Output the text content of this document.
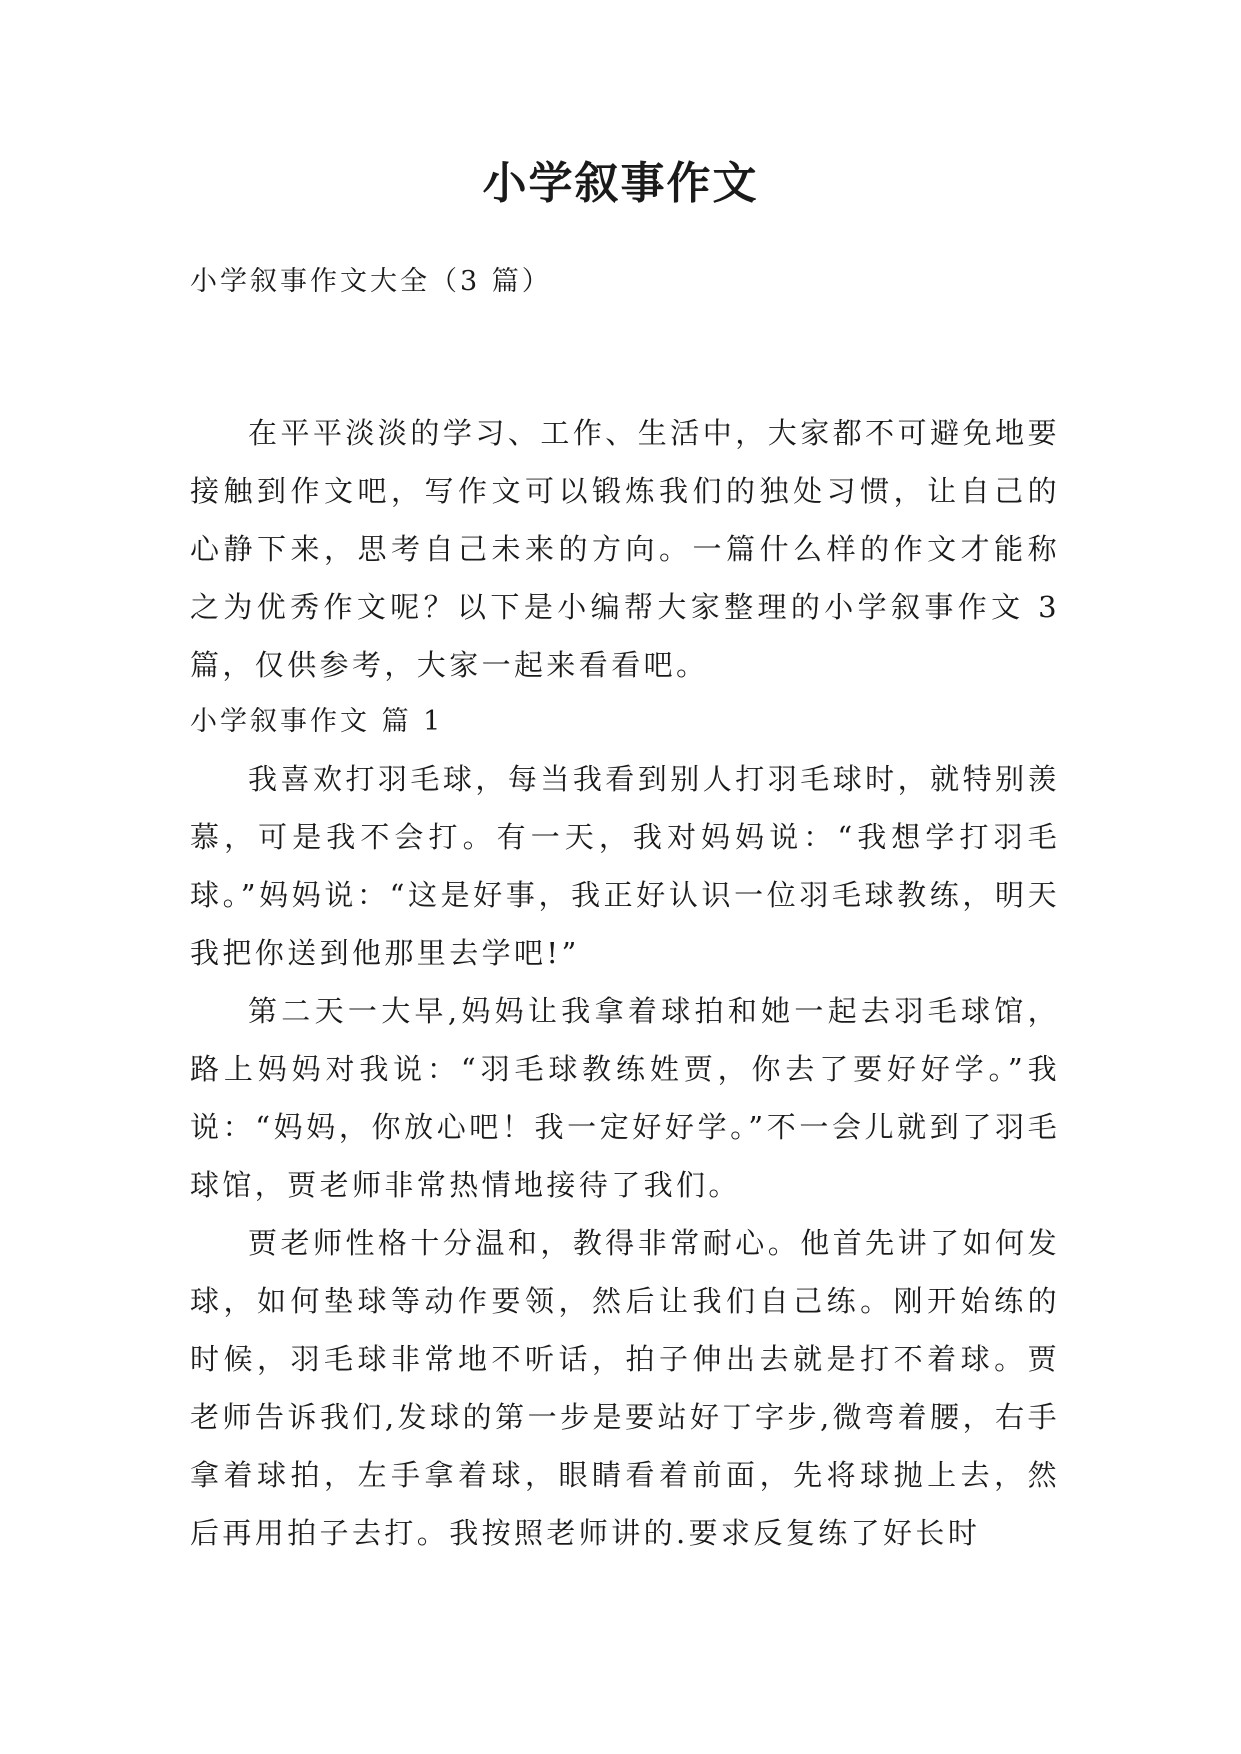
小学叙事作文
小学叙事作文大全（3 篇）

在平平淡淡的学习、工作、生活中，大家都不可避免地要接触到作文吧，写作文可以锻炼我们的独处习惯，让自己的心静下来，思考自己未来的方向。一篇什么样的作文才能称之为优秀作文呢？以下是小编帮大家整理的小学叙事作文 3 篇，仅供参考，大家一起来看看吧。

小学叙事作文 篇 1

我喜欢打羽毛球，每当我看到别人打羽毛球时，就特别羡慕，可是我不会打。有一天，我对妈妈说：“我想学打羽毛球。”妈妈说：“这是好事，我正好认识一位羽毛球教练，明天我把你送到他那里去学吧!”

第二天一大早,妈妈让我拿着球拍和她一起去羽毛球馆，路上妈妈对我说：“羽毛球教练姓贾，你去了要好好学。”我说：“妈妈，你放心吧！我一定好好学。”不一会儿就到了羽毛球馆，贾老师非常热情地接待了我们。

贾老师性格十分温和，教得非常耐心。他首先讲了如何发球，如何垫球等动作要领，然后让我们自己练。刚开始练的时候，羽毛球非常地不听话，拍子伸出去就是打不着球。贾老师告诉我们,发球的第一步是要站好丁字步,微弯着腰，右手拿着球拍，左手拿着球，眼睛看着前面，先将球抛上去，然后再用拍子去打。我按照老师讲的.要求反复练了好长时
